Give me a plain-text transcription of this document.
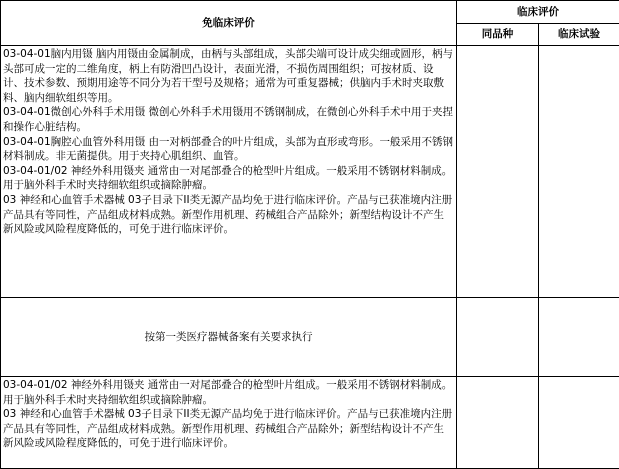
免临床评价	临床评价	
	同品种	临床试验

03-04-01脑内用镊 脑内用镊由金属制成，由柄与头部组成，头部尖端可设计成尖细或圆形，柄与头部可成一定的二维角度，柄上有防滑凹凸设计，表面光滑，不损伤周围组织；可按材质、设计、技术参数、预期用途等不同分为若干型号及规格；通常为可重复器械；供脑内手术时夹取敷料、脑内细软组织等用。
03-04-01微创心外科手术用镊 微创心外科手术用镊用不锈钢制成，在微创心外科手术中用于夹捏和操作心脏结构。
03-04-01胸腔心血管外科用镊 由一对柄部叠合的叶片组成，头部为直形或弯形。一般采用不锈钢材料制成。非无菌提供。用于夹持心肌组织、血管。
03-04-01/02 神经外科用镊夹 通常由一对尾部叠合的枪型叶片组成。一般采用不锈钢材料制成。用于脑外科手术时夹持细软组织或摘除肿瘤。
03 神经和心血管手术器械 03子目录下II类无源产品均免于进行临床评价。产品与已获准境内注册产品具有等同性，产品组成材料成熟。新型作用机理、药械组合产品除外；新型结构设计不产生新风险或风险程度降低的，可免于进行临床评价。		

按第一类医疗器械备案有关要求执行		

03-04-01/02 神经外科用镊夹 通常由一对尾部叠合的枪型叶片组成。一般采用不锈钢材料制成。用于脑外科手术时夹持细软组织或摘除肿瘤。
03 神经和心血管手术器械 03子目录下II类无源产品均免于进行临床评价。产品与已获准境内注册产品具有等同性，产品组成材料成熟。新型作用机理、药械组合产品除外；新型结构设计不产生新风险或风险程度降低的，可免于进行临床评价。		
